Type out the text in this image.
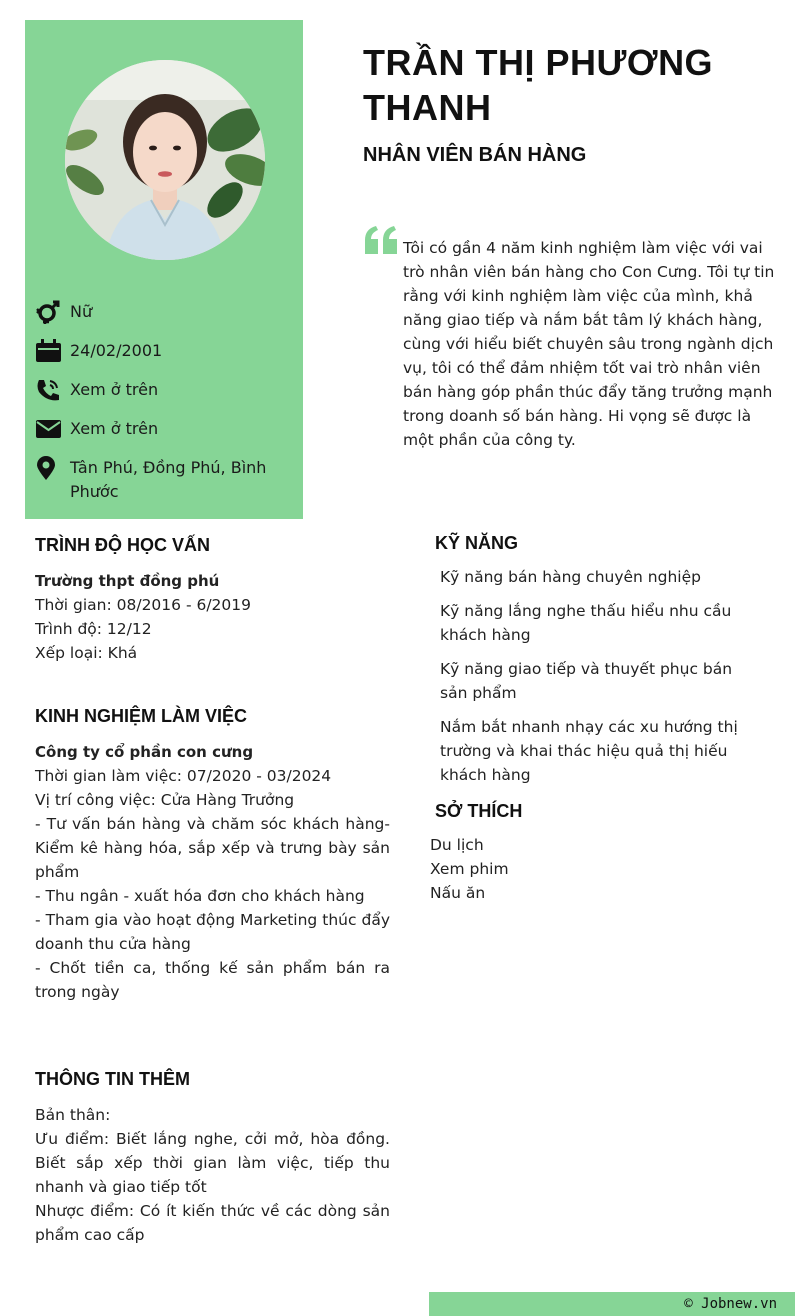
Nữ
24/02/2001
Xem ở trên
Xem ở trên
Tân Phú, Đồng Phú, Bình Phước
TRẦN THỊ PHƯƠNG THANH
NHÂN VIÊN BÁN HÀNG

Tôi có gần 4 năm kinh nghiệm làm việc với vai trò nhân viên bán hàng cho Con Cưng. Tôi tự tin rằng với kinh nghiệm làm việc của mình, khả năng giao tiếp và nắm bắt tâm lý khách hàng, cùng với hiểu biết chuyên sâu trong ngành dịch vụ, tôi có thể đảm nhiệm tốt vai trò nhân viên bán hàng góp phần thúc đẩy tăng trưởng mạnh trong doanh số bán hàng. Hi vọng sẽ được là một phần của công ty.

TRÌNH ĐỘ HỌC VẤN
Trường thpt đồng phú
Thời gian: 08/2016 - 6/2019
Trình độ: 12/12
Xếp loại: Khá
KINH NGHIỆM LÀM VIỆC
Công ty cổ phần con cưng
Thời gian làm việc: 07/2020 - 03/2024
Vị trí công việc: Cửa Hàng Trưởng
- Tư vấn bán hàng và chăm sóc khách hàng- Kiểm kê hàng hóa, sắp xếp và trưng bày sản phẩm
- Thu ngân - xuất hóa đơn cho khách hàng
- Tham gia vào hoạt động Marketing thúc đẩy doanh thu cửa hàng
- Chốt tiền ca, thống kế sản phẩm bán ra trong ngày
THÔNG TIN THÊM
Bản thân:
Ưu điểm: Biết lắng nghe, cởi mở, hòa đồng. Biết sắp xếp thời gian làm việc, tiếp thu nhanh và giao tiếp tốt
Nhược điểm: Có ít kiến thức về các dòng sản phẩm cao cấp
KỸ NĂNG
Kỹ năng bán hàng chuyên nghiệp
Kỹ năng lắng nghe thấu hiểu nhu cầu khách hàng
Kỹ năng giao tiếp và thuyết phục bán sản phẩm
Nắm bắt nhanh nhạy các xu hướng thị trường và khai thác hiệu quả thị hiếu khách hàng
SỞ THÍCH
Du lịch
Xem phim
Nấu ăn
© Jobnew.vn
